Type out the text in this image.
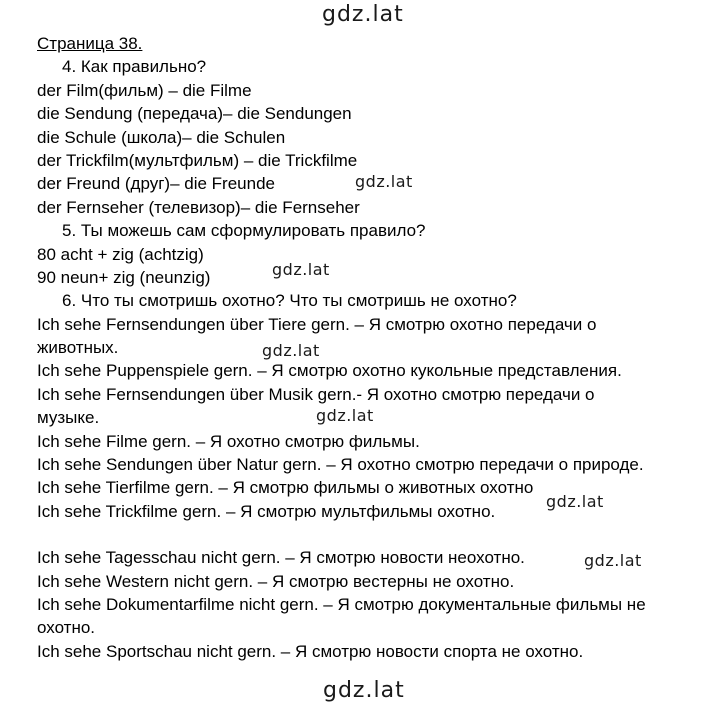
gdz.lat
gdz.lat
gdz.lat
gdz.lat
gdz.lat
gdz.lat
gdz.lat
gdz.lat
Страница 38.
4. Как правильно?
der Film(фильм) – die Filme
die Sendung (передача)– die Sendungen
die Schule (школа)– die Schulen
der Trickfilm(мультфильм) – die Trickfilme
der Freund (друг)– die Freunde
der Fernseher (телевизор)– die Fernseher
5. Ты можешь сам сформулировать правило?
80 acht + zig (achtzig)
90 neun+ zig (neunzig)
6. Что ты смотришь охотно? Что ты смотришь не охотно?
Ich sehe Fernsendungen über Tiere gern. – Я смотрю охотно передачи о
животных.
Ich sehe Puppenspiele gern. – Я смотрю охотно кукольные представления.
Ich sehe Fernsendungen über Musik gern.- Я охотно смотрю передачи о
музыке.
Ich sehe Filme gern. – Я охотно смотрю фильмы.
Ich sehe Sendungen über Natur gern. – Я охотно смотрю передачи о природе.
Ich sehe Tierfilme gern. – Я смотрю фильмы о животных охотно
Ich sehe Trickfilme gern. – Я смотрю мультфильмы охотно.
Ich sehe Tagesschau nicht gern. – Я смотрю новости неохотно.
Ich sehe Western nicht gern. – Я смотрю вестерны не охотно.
Ich sehe Dokumentarfilme nicht gern. – Я смотрю документальные фильмы не
охотно.
Ich sehe Sportschau nicht gern. – Я смотрю новости спорта не охотно.
